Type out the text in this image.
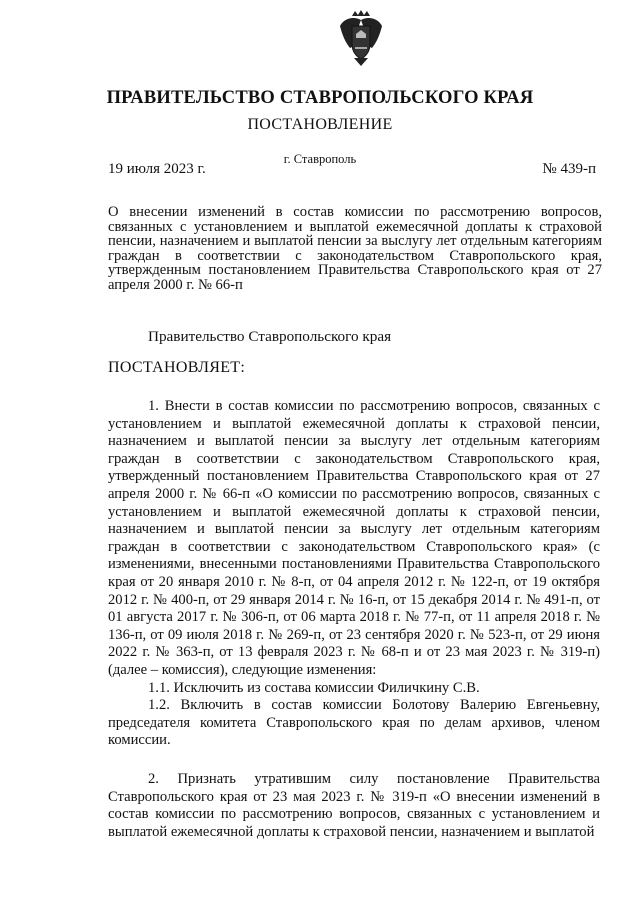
ПРАВИТЕЛЬСТВО СТАВРОПОЛЬСКОГО КРАЯ
ПОСТАНОВЛЕНИЕ
г. Ставрополь
19 июля 2023 г.	№ 439-п

О внесении изменений в состав комиссии по рассмотрению вопросов, связанных с установлением и выплатой ежемесячной доплаты к страховой пенсии, назначением и выплатой пенсии за выслугу лет отдельным категориям граждан в соответствии с законодательством Ставропольского края, утвержденным постановлением Правительства Ставропольского края от 27 апреля 2000 г. № 66-п

Правительство Ставропольского края
ПОСТАНОВЛЯЕТ:

1. Внести в состав комиссии по рассмотрению вопросов, связанных с установлением и выплатой ежемесячной доплаты к страховой пенсии, назначением и выплатой пенсии за выслугу лет отдельным категориям граждан в соответствии с законодательством Ставропольского края, утвержденный постановлением Правительства Ставропольского края от 27 апреля 2000 г. № 66-п «О комиссии по рассмотрению вопросов, связанных с установлением и выплатой ежемесячной доплаты к страховой пенсии, назначением и выплатой пенсии за выслугу лет отдельным категориям граждан в соответствии с законодательством Ставропольского края» (с изменениями, внесенными постановлениями Правительства Ставропольского края от 20 января 2010 г. № 8-п, от 04 апреля 2012 г. № 122-п, от 19 октября 2012 г. № 400-п, от 29 января 2014 г. № 16-п, от 15 декабря 2014 г. № 491-п, от 01 августа 2017 г. № 306-п, от 06 марта 2018 г. № 77-п, от 11 апреля 2018 г. № 136-п, от 09 июля 2018 г. № 269-п, от 23 сентября 2020 г. № 523-п, от 29 июня 2022 г. № 363-п, от 13 февраля 2023 г. № 68-п и от 23 мая 2023 г. № 319-п) (далее – комиссия), следующие изменения:

1.1. Исключить из состава комиссии Филичкину С.В.

1.2. Включить в состав комиссии Болотову Валерию Евгеньевну, председателя комитета Ставропольского края по делам архивов, членом комиссии.

2. Признать утратившим силу постановление Правительства Ставропольского края от 23 мая 2023 г. № 319-п «О внесении изменений в состав комиссии по рассмотрению вопросов, связанных с установлением и выплатой ежемесячной доплаты к страховой пенсии, назначением и выплатой
